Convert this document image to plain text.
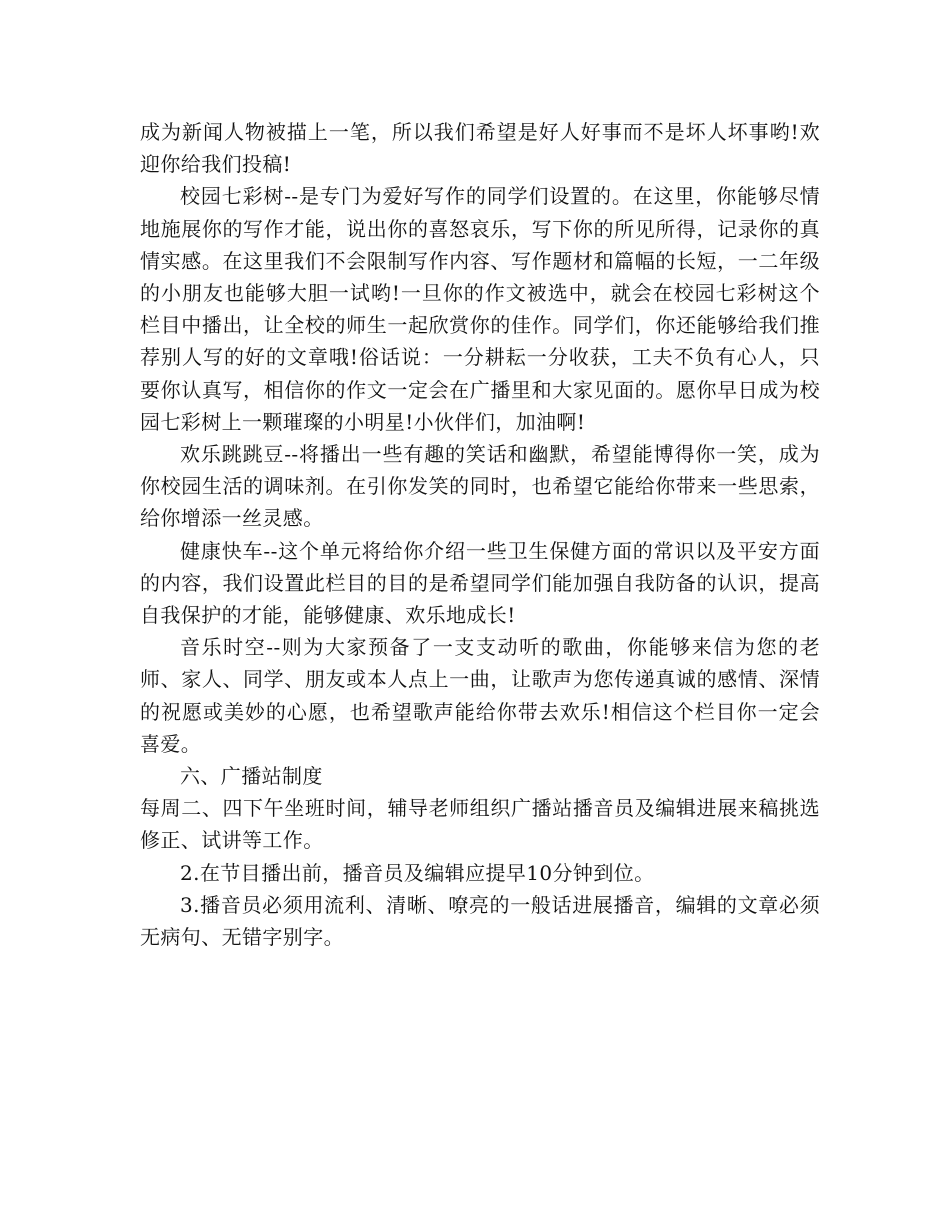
成为新闻人物被描上一笔，所以我们希望是好人好事而不是坏人坏事哟!欢迎你给我们投稿!

校园七彩树--是专门为爱好写作的同学们设置的。在这里，你能够尽情地施展你的写作才能，说出你的喜怒哀乐，写下你的所见所得，记录你的真情实感。在这里我们不会限制写作内容、写作题材和篇幅的长短，一二年级的小朋友也能够大胆一试哟!一旦你的作文被选中，就会在校园七彩树这个栏目中播出，让全校的师生一起欣赏你的佳作。同学们，你还能够给我们推荐别人写的好的文章哦!俗话说：一分耕耘一分收获，工夫不负有心人，只要你认真写，相信你的作文一定会在广播里和大家见面的。愿你早日成为校园七彩树上一颗璀璨的小明星!小伙伴们，加油啊!

欢乐跳跳豆--将播出一些有趣的笑话和幽默，希望能博得你一笑，成为你校园生活的调味剂。在引你发笑的同时，也希望它能给你带来一些思索，给你增添一丝灵感。

健康快车--这个单元将给你介绍一些卫生保健方面的常识以及平安方面的内容，我们设置此栏目的目的是希望同学们能加强自我防备的认识，提高自我保护的才能，能够健康、欢乐地成长!

音乐时空--则为大家预备了一支支动听的歌曲，你能够来信为您的老师、家人、同学、朋友或本人点上一曲，让歌声为您传递真诚的感情、深情的祝愿或美妙的心愿，也希望歌声能给你带去欢乐!相信这个栏目你一定会喜爱。

六、广播站制度

每周二、四下午坐班时间，辅导老师组织广播站播音员及编辑进展来稿挑选修正、试讲等工作。

2.在节目播出前，播音员及编辑应提早10分钟到位。

3.播音员必须用流利、清晰、嘹亮的一般话进展播音，编辑的文章必须无病句、无错字别字。
